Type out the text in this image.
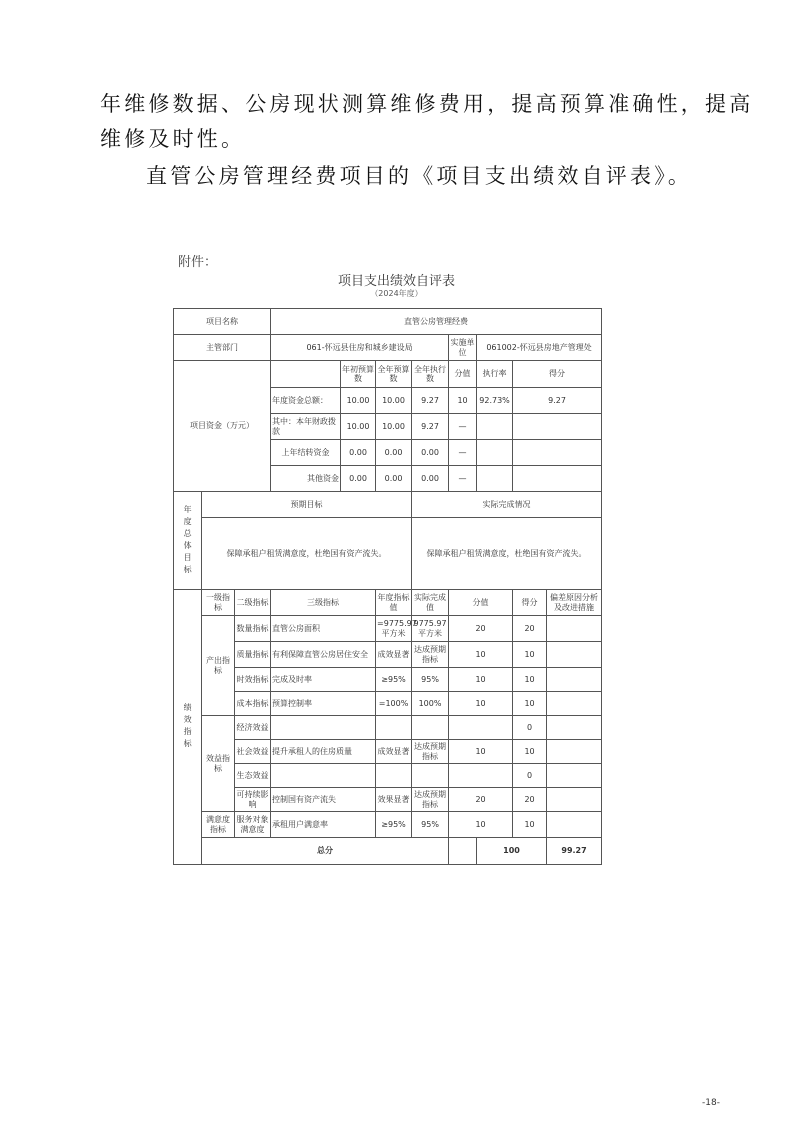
年维修数据、公房现状测算维修费用，提高预算准确性，提高
维修及时性。
直管公房管理经费项目的《项目支出绩效自评表》。
附件：
项目支出绩效自评表
（2024年度）
项目名称			直管公房管理经费								
主管部门			061-怀远县住房和城乡建设局				实施单位	061002-怀远县房地产管理处			
项目资金（万元）				年初预算数	全年预算数	全年执行数	分值	执行率	得分		
			年度资金总额：	10.00	10.00	9.27	10	92.73%	9.27		
			其中：本年财政拨款	10.00	10.00	9.27	—				
			上年结转资金	0.00	0.00	0.00	—				
			其他资金	0.00	0.00	0.00	—				

年度总体目标	预期目标					实际完成情况					
	保障承租户租赁满意度，杜绝国有资产流失。					保障承租户租赁满意度，杜绝国有资产流失。					

绩效指标	一级指标	二级指标	三级指标		年度指标值	实际完成值	分值		得分	偏差原因分析及改进措施	
	产出指标	数量指标	直管公房面积		=9775.97平方米	9775.97平方米	20		20		
		质量指标	有利保障直管公房居住安全		成效显著	达成预期指标	10		10		
		时效指标	完成及时率		≥95%	95%	10		10		
		成本指标	预算控制率		=100%	100%	10		10		
	效益指标	经济效益							0		
		社会效益	提升承租人的住房质量		成效显著	达成预期指标	10		10		
		生态效益							0		
		可持续影响	控制国有资产流失		效果显著	达成预期指标	20		20		
	满意度指标	服务对象满意度	承租用户满意率		≥95%	95%	10		10		
	总分							100		99.27	
-18-
